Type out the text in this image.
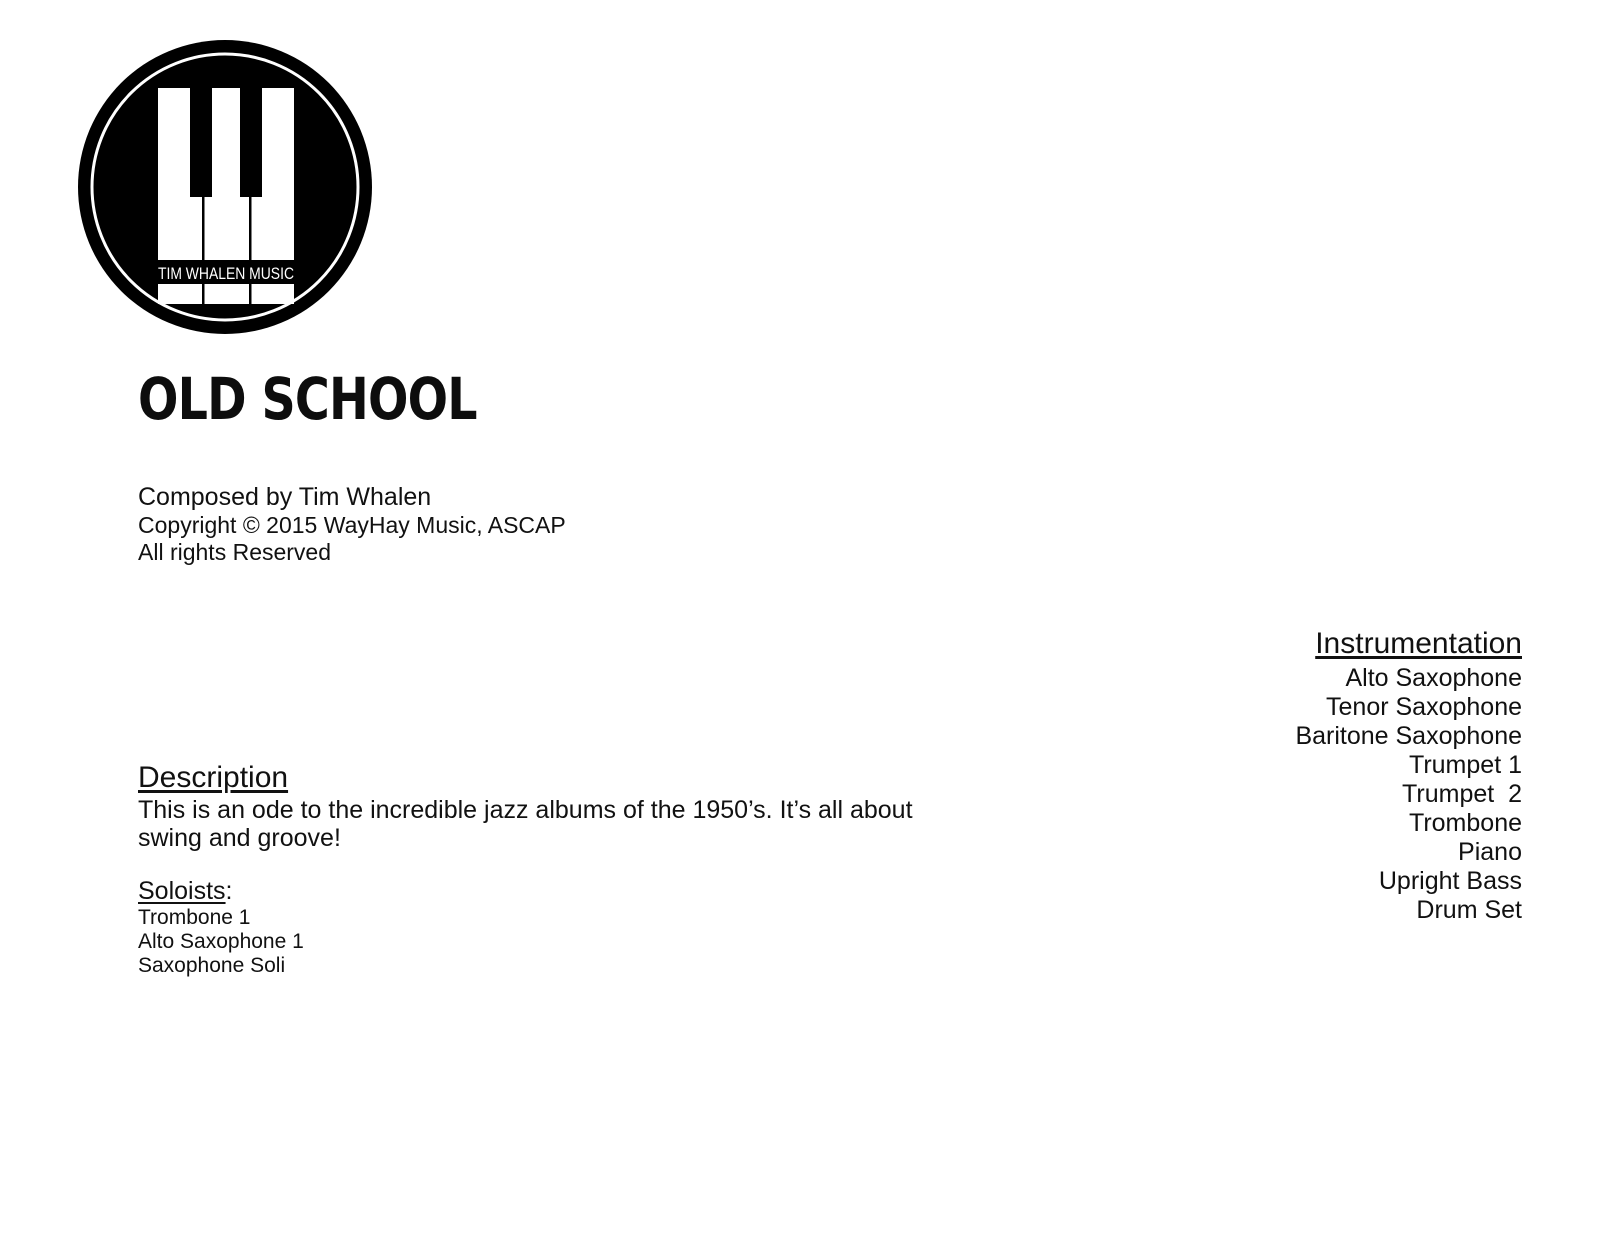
TIM WHALEN MUSIC
OLD SCHOOL
Composed by Tim Whalen
Copyright © 2015 WayHay Music, ASCAP
All rights Reserved
Instrumentation
Alto Saxophone
Tenor Saxophone
Baritone Saxophone
Trumpet 1
Trumpet  2
Trombone
Piano
Upright Bass
Drum Set
Description
This is an ode to the incredible jazz albums of the 1950’s. It’s all about swing and groove!
Soloists:
Trombone 1
Alto Saxophone 1
Saxophone Soli
